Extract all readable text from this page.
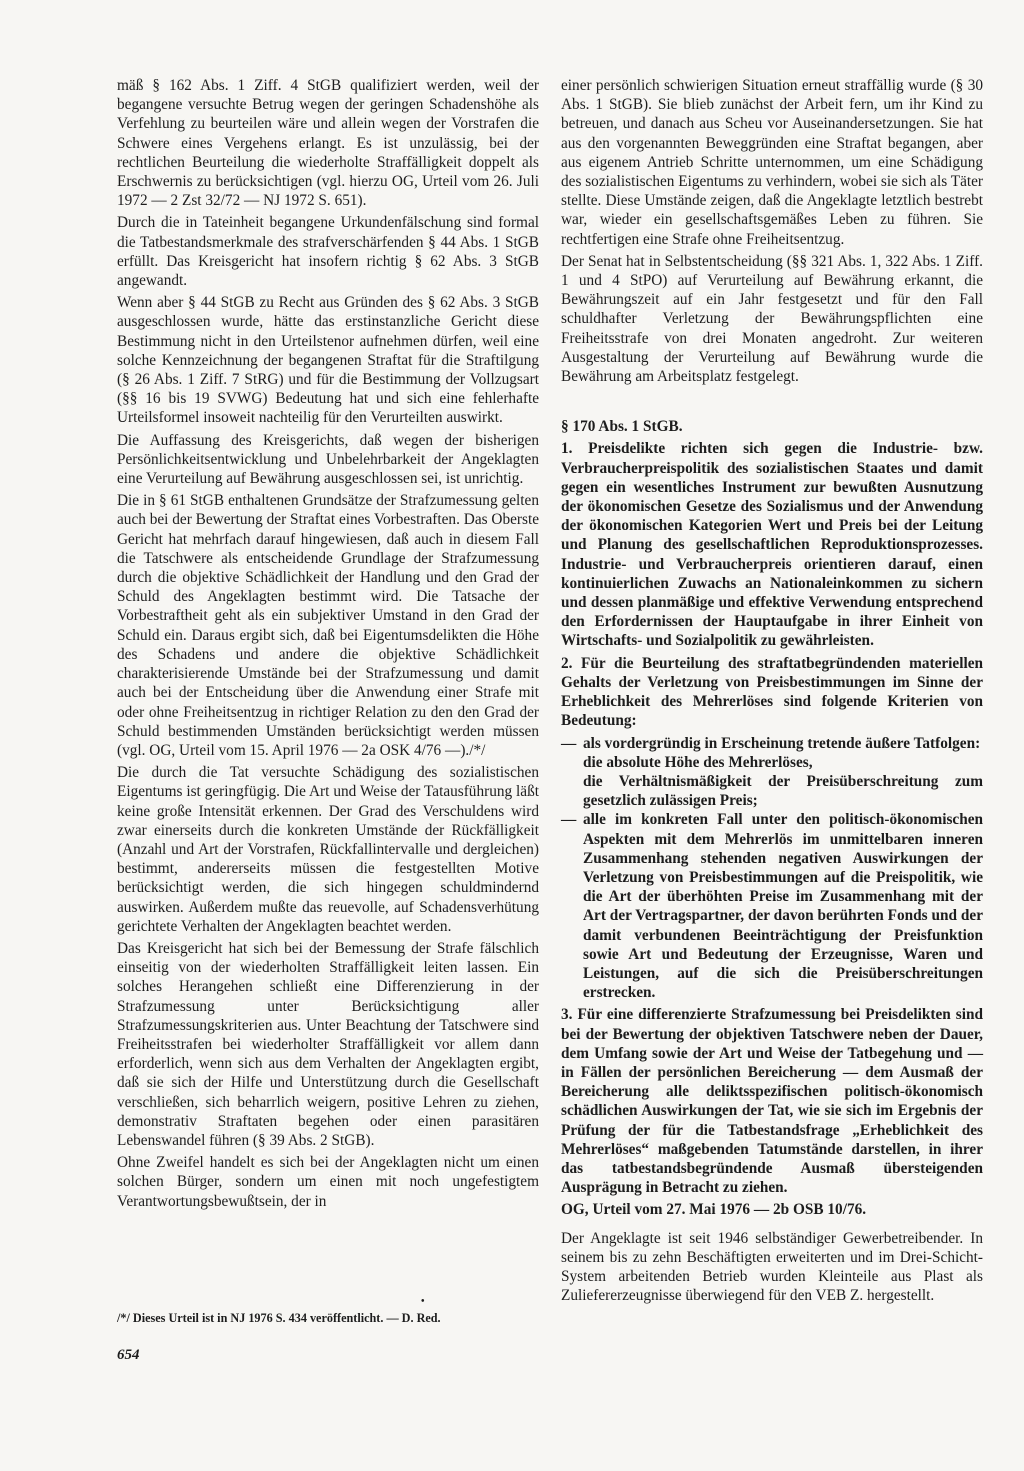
mäß § 162 Abs. 1 Ziff. 4 StGB qualifiziert werden, weil der begangene versuchte Betrug wegen der geringen Schadenshöhe als Verfehlung zu beurteilen wäre und allein wegen der Vorstrafen die Schwere eines Vergehens erlangt. Es ist unzulässig, bei der rechtlichen Beurteilung die wiederholte Straffälligkeit doppelt als Erschwernis zu berücksichtigen (vgl. hierzu OG, Urteil vom 26. Juli 1972 — 2 Zst 32/72 — NJ 1972 S. 651).

Durch die in Tateinheit begangene Urkundenfälschung sind formal die Tatbestandsmerkmale des strafverschärfenden § 44 Abs. 1 StGB erfüllt. Das Kreisgericht hat insofern richtig § 62 Abs. 3 StGB angewandt.

Wenn aber § 44 StGB zu Recht aus Gründen des § 62 Abs. 3 StGB ausgeschlossen wurde, hätte das erstinstanzliche Gericht diese Bestimmung nicht in den Urteilstenor aufnehmen dürfen, weil eine solche Kennzeichnung der begangenen Straftat für die Straftilgung (§ 26 Abs. 1 Ziff. 7 StRG) und für die Bestimmung der Vollzugsart (§§ 16 bis 19 SVWG) Bedeutung hat und sich eine fehlerhafte Urteilsformel insoweit nachteilig für den Verurteilten auswirkt.

Die Auffassung des Kreisgerichts, daß wegen der bisherigen Persönlichkeitsentwicklung und Unbelehrbarkeit der Angeklagten eine Verurteilung auf Bewährung ausgeschlossen sei, ist unrichtig.

Die in § 61 StGB enthaltenen Grundsätze der Strafzumessung gelten auch bei der Bewertung der Straftat eines Vorbestraften. Das Oberste Gericht hat mehrfach darauf hingewiesen, daß auch in diesem Fall die Tatschwere als entscheidende Grundlage der Strafzumessung durch die objektive Schädlichkeit der Handlung und den Grad der Schuld des Angeklagten bestimmt wird. Die Tatsache der Vorbestraftheit geht als ein subjektiver Umstand in den Grad der Schuld ein. Daraus ergibt sich, daß bei Eigentumsdelikten die Höhe des Schadens und andere die objektive Schädlichkeit charakterisierende Umstände bei der Strafzumessung und damit auch bei der Entscheidung über die Anwendung einer Strafe mit oder ohne Freiheitsentzug in richtiger Relation zu den den Grad der Schuld bestimmenden Umständen berücksichtigt werden müssen (vgl. OG, Urteil vom 15. April 1976 — 2a OSK 4/76 —)./*/

Die durch die Tat versuchte Schädigung des sozialistischen Eigentums ist geringfügig. Die Art und Weise der Tatausführung läßt keine große Intensität erkennen. Der Grad des Verschuldens wird zwar einerseits durch die konkreten Umstände der Rückfälligkeit (Anzahl und Art der Vorstrafen, Rückfallintervalle und dergleichen) bestimmt, andererseits müssen die festgestellten Motive berücksichtigt werden, die sich hingegen schuldmindernd auswirken. Außerdem mußte das reuevolle, auf Schadensverhütung gerichtete Verhalten der Angeklagten beachtet werden.

Das Kreisgericht hat sich bei der Bemessung der Strafe fälschlich einseitig von der wiederholten Straffälligkeit leiten lassen. Ein solches Herangehen schließt eine Differenzierung in der Strafzumessung unter Berücksichtigung aller Strafzumessungskriterien aus. Unter Beachtung der Tatschwere sind Freiheitsstrafen bei wiederholter Straffälligkeit vor allem dann erforderlich, wenn sich aus dem Verhalten der Angeklagten ergibt, daß sie sich der Hilfe und Unterstützung durch die Gesellschaft verschließen, sich beharrlich weigern, positive Lehren zu ziehen, demonstrativ Straftaten begehen oder einen parasitären Lebenswandel führen (§ 39 Abs. 2 StGB).

Ohne Zweifel handelt es sich bei der Angeklagten nicht um einen solchen Bürger, sondern um einen mit noch ungefestigtem Verantwortungsbewußtsein, der in

•
/*/ Dieses Urteil ist in NJ 1976 S. 434 veröffentlicht. — D. Red.
654

einer persönlich schwierigen Situation erneut straffällig wurde (§ 30 Abs. 1 StGB). Sie blieb zunächst der Arbeit fern, um ihr Kind zu betreuen, und danach aus Scheu vor Auseinandersetzungen. Sie hat aus den vorgenannten Beweggründen eine Straftat begangen, aber aus eigenem Antrieb Schritte unternommen, um eine Schädigung des sozialistischen Eigentums zu verhindern, wobei sie sich als Täter stellte. Diese Umstände zeigen, daß die Angeklagte letztlich bestrebt war, wieder ein gesellschaftsgemäßes Leben zu führen. Sie rechtfertigen eine Strafe ohne Freiheitsentzug.

Der Senat hat in Selbstentscheidung (§§ 321 Abs. 1, 322 Abs. 1 Ziff. 1 und 4 StPO) auf Verurteilung auf Bewährung erkannt, die Bewährungszeit auf ein Jahr festgesetzt und für den Fall schuldhafter Verletzung der Bewährungspflichten eine Freiheitsstrafe von drei Monaten angedroht. Zur weiteren Ausgestaltung der Verurteilung auf Bewährung wurde die Bewährung am Arbeitsplatz festgelegt.

§ 170 Abs. 1 StGB.

1. Preisdelikte richten sich gegen die Industrie- bzw. Verbraucherpreispolitik des sozialistischen Staates und damit gegen ein wesentliches Instrument zur bewußten Ausnutzung der ökonomischen Gesetze des Sozialismus und der Anwendung der ökonomischen Kategorien Wert und Preis bei der Leitung und Planung des gesellschaftlichen Reproduktionsprozesses. Industrie- und Verbraucherpreis orientieren darauf, einen kontinuierlichen Zuwachs an Nationaleinkommen zu sichern und dessen planmäßige und effektive Verwendung entsprechend den Erfordernissen der Hauptaufgabe in ihrer Einheit von Wirtschafts- und Sozialpolitik zu gewährleisten.

2. Für die Beurteilung des straftatbegründenden materiellen Gehalts der Verletzung von Preisbestimmungen im Sinne der Erheblichkeit des Mehrerlöses sind folgende Kriterien von Bedeutung:

— als vordergründig in Erscheinung tretende äußere Tatfolgen:
die absolute Höhe des Mehrerlöses,
die Verhältnismäßigkeit der Preisüberschreitung zum gesetzlich zulässigen Preis;
— alle im konkreten Fall unter den politisch-ökonomischen Aspekten mit dem Mehrerlös im unmittelbaren inneren Zusammenhang stehenden negativen Auswirkungen der Verletzung von Preisbestimmungen auf die Preispolitik, wie die Art der überhöhten Preise im Zusammenhang mit der Art der Vertragspartner, der davon berührten Fonds und der damit verbundenen Beeinträchtigung der Preisfunktion sowie Art und Bedeutung der Erzeugnisse, Waren und Leistungen, auf die sich die Preisüberschreitungen erstrecken.

3. Für eine differenzierte Strafzumessung bei Preisdelikten sind bei der Bewertung der objektiven Tatschwere neben der Dauer, dem Umfang sowie der Art und Weise der Tatbegehung und — in Fällen der persönlichen Bereicherung — dem Ausmaß der Bereicherung alle deliktsspezifischen politisch-ökonomisch schädlichen Auswirkungen der Tat, wie sie sich im Ergebnis der Prüfung der für die Tatbestandsfrage „Erheblichkeit des Mehrerlöses“ maßgebenden Tatumstände darstellen, in ihrer das tatbestandsbegründende Ausmaß übersteigenden Ausprägung in Betracht zu ziehen.

OG, Urteil vom 27. Mai 1976 — 2b OSB 10/76.

Der Angeklagte ist seit 1946 selbständiger Gewerbetreibender. In seinem bis zu zehn Beschäftigten erweiterten und im Drei-Schicht-System arbeitenden Betrieb wurden Kleinteile aus Plast als Zuliefererzeugnisse überwiegend für den VEB Z. hergestellt.
